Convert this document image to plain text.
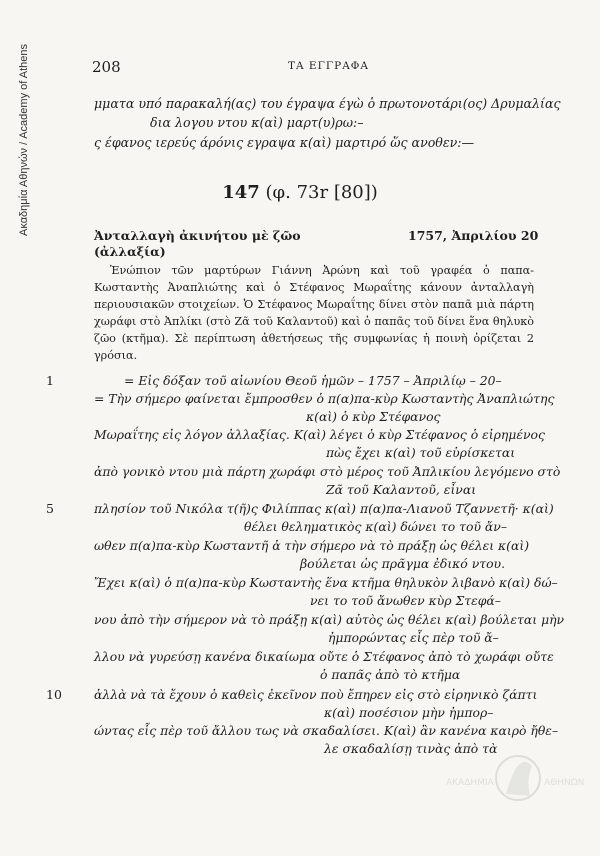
Ακαδημία Αθηνών / Academy of Athens	208	ΤΑ ΕΓΓΡΑΦΑ
μματα υπό παρακαλή(ας) του έγραψα έγὼ ὁ πρωτονοτάρι(ος) Δρυμαλίας
δια λογου ντου κ(αὶ) μαρτ(υ)ρω:–
ς έφανος ιερεύς άρόνις εγραψα κ(αὶ) μαρτιρό ὥς ανοθεν:—
147 (φ. 73r [80])
Ἀνταλλαγὴ ἀκινήτου μὲ ζῶο
(ἀλλαξία)
1757, Ἀπριλίου 20
Ἐνώπιον τῶν μαρτύρων Γιάννη Ἀρώνη καὶ τοῦ γραφέα ὁ παπα-Κωσταντὴς Ἀναπλιώτης καὶ ὁ Στέφανος Μωραΐτης κάνουν ἀνταλλαγὴ περιουσιακῶν στοιχείων. Ὁ Στέφανος Μωραΐτης δίνει στὸν παπᾶ μιὰ πάρτη χωράφι στὸ Ἀπλίκι (στὸ Ζᾶ τοῦ Καλαντοῦ) καὶ ὁ παπᾶς τοῦ δίνει ἕνα θηλυκὸ ζῶο (κτῆμα). Σὲ περίπτωση ἀθετήσεως τῆς συμφωνίας ἡ ποινὴ ὁρίζεται 2 γρόσια.
1
5
10
= Εἰς δόξαν τοῦ αἰωνίου Θεοῦ ἡμῶν – 1757 – Ἀπριλίῳ – 20–
= Τὴν σήμερο φαίνεται ἔμπροσθεν ὁ π(α)πα-κὺρ Κωσταντὴς Ἀναπλιώτης
κ(αὶ) ὁ κὺρ Στέφανος
Μωραΐτης εἰς λόγον ἀλλαξίας. Κ(αὶ) λέγει ὁ κὺρ Στέφανος ὁ εἰρημένος
πὼς ἔχει κ(αὶ) τοῦ εὑρίσκεται
ἀπὸ γονικὸ ντου μιὰ πάρτη χωράφι στὸ μέρος τοῦ Ἀπλικίου λεγόμενο στὸ
Ζᾶ τοῦ Καλαντοῦ, εἶναι
πλησίον τοῦ Νικόλα τ(ῆ)ς Φιλίππας κ(αὶ) π(α)πα-Λιανοῦ Τζαννετῆ· κ(αὶ)
θέλει θεληματικὸς κ(αὶ) δώνει το τοῦ ἄν–
ωθεν π(α)πα-κὺρ Κωσταντῆ ἀ τὴν σήμερο νὰ τὸ πράξῃ ὡς θέλει κ(αὶ)
βούλεται ὡς πρᾶγμα ἐδικό ντου.
Ἔχει κ(αὶ) ὁ π(α)πα-κὺρ Κωσταντὴς ἕνα κτῆμα θηλυκὸν λιβανὸ κ(αὶ) δώ–
νει το τοῦ ἄνωθεν κὺρ Στεφά–
νου ἀπὸ τὴν σήμερον νὰ τὸ πράξῃ κ(αὶ) αὐτὸς ὡς θέλει κ(αὶ) βούλεται μὴν
ἠμπορώντας εἷς πὲρ τοῦ ἄ–
λλου νὰ γυρεύσῃ κανένα δικαίωμα οὔτε ὁ Στέφανος ἀπὸ τὸ χωράφι οὔτε
ὁ παπᾶς ἀπὸ τὸ κτῆμα
ἀλλὰ νὰ τὰ ἔχουν ὁ καθεὶς ἐκεῖνον ποὺ ἔπηρεν εἰς στὸ εἰρηνικὸ ζάπτι
κ(αὶ) ποσέσιον μὴν ἠμπορ–
ώντας εἷς πὲρ τοῦ ἄλλου τως νὰ σκαδαλίσει. Κ(αὶ) ἂν κανένα καιρὸ ἤθε–
λε σκαδαλίσῃ τινὰς ἀπὸ τὰ
ΑΚΑΔΗΜΙΑ	ΑΘΗΝΩΝ
